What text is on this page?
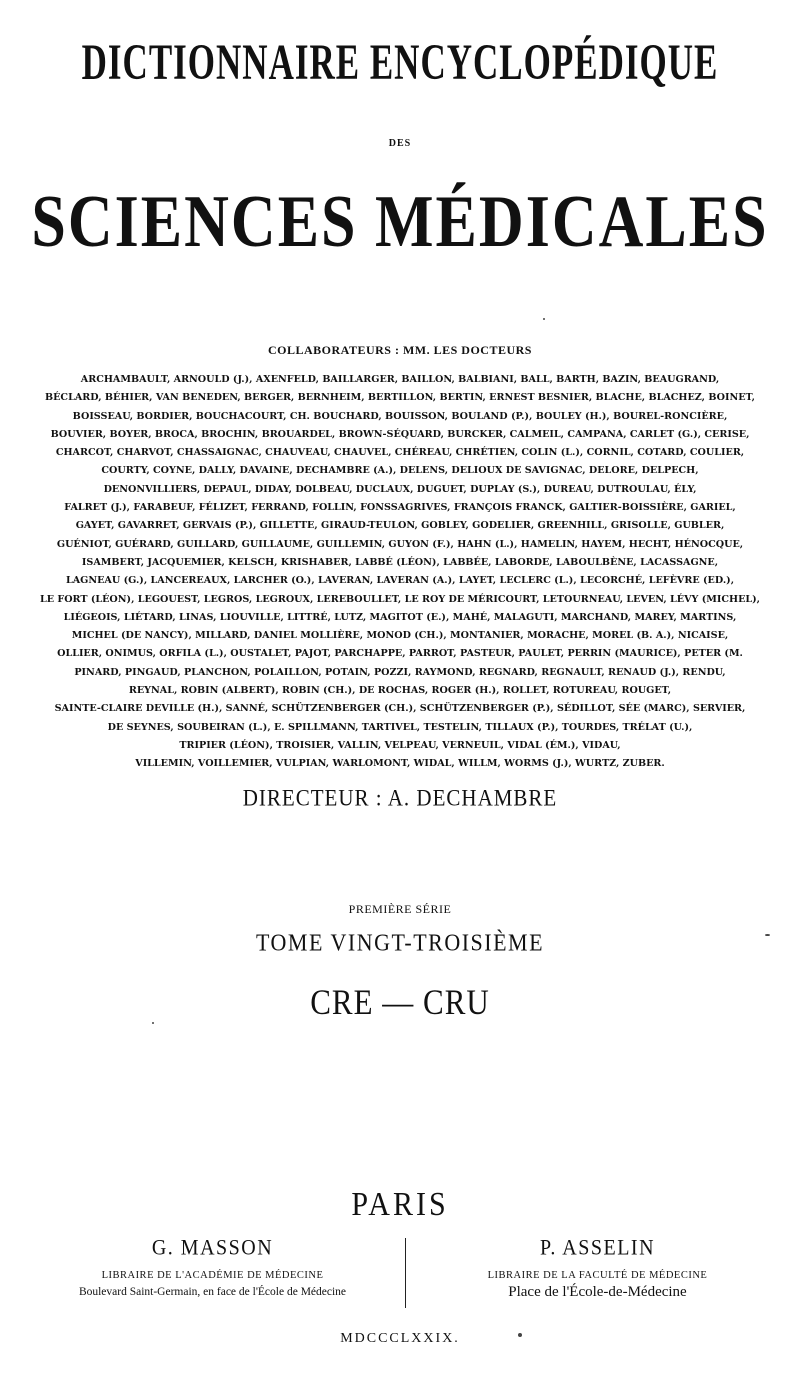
DICTIONNAIRE ENCYCLOPÉDIQUE
DES
SCIENCES MÉDICALES
COLLABORATEURS : MM. LES DOCTEURS
ARCHAMBAULT, ARNOULD (J.), AXENFELD, BAILLARGER, BAILLON, BALBIANI, BALL, BARTH, BAZIN, BEAUGRAND,
BÉCLARD, BÉHIER, VAN BENEDEN, BERGER, BERNHEIM, BERTILLON, BERTIN, ERNEST BESNIER, BLACHE, BLACHEZ, BOINET,
BOISSEAU, BORDIER, BOUCHACOURT, CH. BOUCHARD, BOUISSON, BOULAND (P.), BOULEY (H.), BOUREL-RONCIÈRE,
BOUVIER, BOYER, BROCA, BROCHIN, BROUARDEL, BROWN-SÉQUARD, BURCKER, CALMEIL, CAMPANA, CARLET (G.), CERISE,
CHARCOT, CHARVOT, CHASSAIGNAC, CHAUVEAU, CHAUVEL, CHÉREAU, CHRÉTIEN, COLIN (L.), CORNIL, COTARD, COULIER,
COURTY, COYNE, DALLY, DAVAINE, DECHAMBRE (A.), DELENS, DELIOUX DE SAVIGNAC, DELORE, DELPECH,
DENONVILLIERS, DEPAUL, DIDAY, DOLBEAU, DUCLAUX, DUGUET, DUPLAY (S.), DUREAU, DUTROULAU, ÉLY,
FALRET (J.), FARABEUF, FÉLIZET, FERRAND, FOLLIN, FONSSAGRIVES, FRANÇOIS FRANCK, GALTIER-BOISSIÈRE, GARIEL,
GAYET, GAVARRET, GERVAIS (P.), GILLETTE, GIRAUD-TEULON, GOBLEY, GODELIER, GREENHILL, GRISOLLE, GUBLER,
GUÉNIOT, GUÉRARD, GUILLARD, GUILLAUME, GUILLEMIN, GUYON (F.), HAHN (L.), HAMELIN, HAYEM, HECHT, HÉNOCQUE,
ISAMBERT, JACQUEMIER, KELSCH, KRISHABER, LABBÉ (LÉON), LABBÉE, LABORDE, LABOULBÈNE, LACASSAGNE,
LAGNEAU (G.), LANCEREAUX, LARCHER (O.), LAVERAN, LAVERAN (A.), LAYET, LECLERC (L.), LECORCHÉ, LEFÈVRE (ED.),
LE FORT (LÉON), LEGOUEST, LEGROS, LEGROUX, LEREBOULLET, LE ROY DE MÉRICOURT, LETOURNEAU, LEVEN, LÉVY (MICHEL),
LIÉGEOIS, LIÉTARD, LINAS, LIOUVILLE, LITTRÉ, LUTZ, MAGITOT (E.), MAHÉ, MALAGUTI, MARCHAND, MAREY, MARTINS,
MICHEL (DE NANCY), MILLARD, DANIEL MOLLIÈRE, MONOD (CH.), MONTANIER, MORACHE, MOREL (B. A.), NICAISE,
OLLIER, ONIMUS, ORFILA (L.), OUSTALET, PAJOT, PARCHAPPE, PARROT, PASTEUR, PAULET, PERRIN (MAURICE), PETER (M.
PINARD, PINGAUD, PLANCHON, POLAILLON, POTAIN, POZZI, RAYMOND, REGNARD, REGNAULT, RENAUD (J.), RENDU,
REYNAL, ROBIN (ALBERT), ROBIN (CH.), DE ROCHAS, ROGER (H.), ROLLET, ROTUREAU, ROUGET,
SAINTE-CLAIRE DEVILLE (H.), SANNÉ, SCHÜTZENBERGER (CH.), SCHÜTZENBERGER (P.), SÉDILLOT, SÉE (MARC), SERVIER,
DE SEYNES, SOUBEIRAN (L.), E. SPILLMANN, TARTIVEL, TESTELIN, TILLAUX (P.), TOURDES, TRÉLAT (U.),
TRIPIER (LÉON), TROISIER, VALLIN, VELPEAU, VERNEUIL, VIDAL (ÉM.), VIDAU,
VILLEMIN, VOILLEMIER, VULPIAN, WARLOMONT, WIDAL, WILLM, WORMS (J.), WURTZ, ZUBER.
DIRECTEUR : A. DECHAMBRE
PREMIÈRE SÉRIE
TOME VINGT-TROISIÈME
CRE — CRU
PARIS
G. MASSON
LIBRAIRE DE L'ACADÉMIE DE MÉDECINE
Boulevard Saint-Germain, en face de l'École de Médecine
P. ASSELIN
LIBRAIRE DE LA FACULTÉ DE MÉDECINE
Place de l'École-de-Médecine
MDCCCLXXIX.
